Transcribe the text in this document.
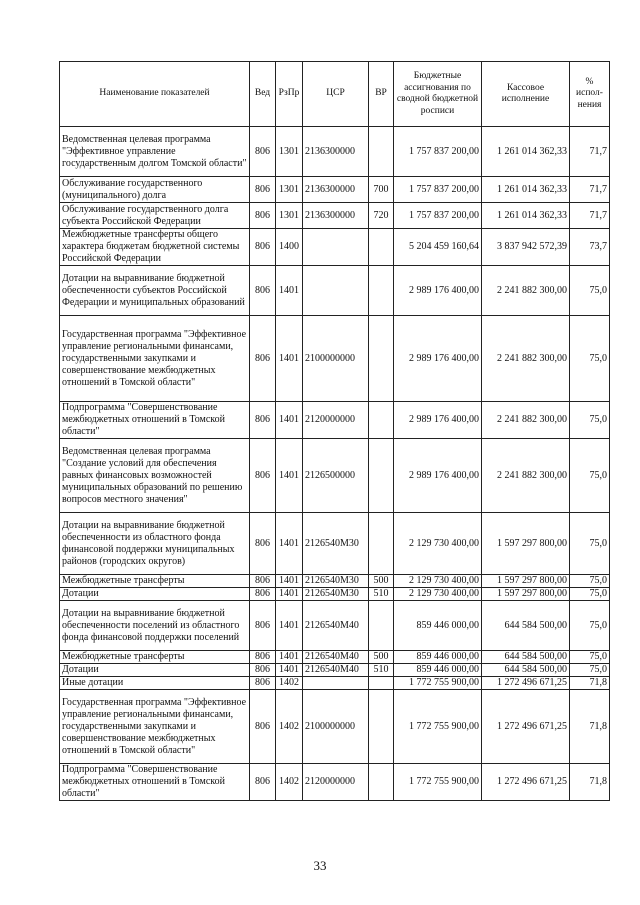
Наименование показателей	Вед	РзПр	ЦСР	ВР	Бюджетные ассигнования по сводной бюджетной росписи	Кассовое исполнение	% испол-нения
Ведомственная целевая программа "Эффективное управление государственным долгом Томской области"	806	1301	2136300000		1 757 837 200,00	1 261 014 362,33	71,7
Обслуживание государственного (муниципального) долга	806	1301	2136300000	700	1 757 837 200,00	1 261 014 362,33	71,7
Обслуживание государственного долга субъекта Российской Федерации	806	1301	2136300000	720	1 757 837 200,00	1 261 014 362,33	71,7
Межбюджетные трансферты общего характера бюджетам бюджетной системы Российской Федерации	806	1400			5 204 459 160,64	3 837 942 572,39	73,7
Дотации на выравнивание бюджетной обеспеченности субъектов Российской Федерации и муниципальных образований	806	1401			2 989 176 400,00	2 241 882 300,00	75,0
Государственная программа "Эффективное управление региональными финансами, государственными закупками и совершенствование межбюджетных отношений в Томской области"	806	1401	2100000000		2 989 176 400,00	2 241 882 300,00	75,0
Подпрограмма "Совершенствование межбюджетных отношений в Томской области"	806	1401	2120000000		2 989 176 400,00	2 241 882 300,00	75,0
Ведомственная целевая программа "Создание условий для обеспечения равных финансовых возможностей муниципальных образований по решению вопросов местного значения"	806	1401	2126500000		2 989 176 400,00	2 241 882 300,00	75,0
Дотации на выравнивание бюджетной обеспеченности из областного фонда финансовой поддержки муниципальных районов (городских округов)	806	1401	2126540М30		2 129 730 400,00	1 597 297 800,00	75,0
Межбюджетные трансферты	806	1401	2126540М30	500	2 129 730 400,00	1 597 297 800,00	75,0
Дотации	806	1401	2126540М30	510	2 129 730 400,00	1 597 297 800,00	75,0
Дотации на выравнивание бюджетной обеспеченности поселений из областного фонда финансовой поддержки поселений	806	1401	2126540М40		859 446 000,00	644 584 500,00	75,0
Межбюджетные трансферты	806	1401	2126540М40	500	859 446 000,00	644 584 500,00	75,0
Дотации	806	1401	2126540М40	510	859 446 000,00	644 584 500,00	75,0
Иные дотации	806	1402			1 772 755 900,00	1 272 496 671,25	71,8
Государственная программа "Эффективное управление региональными финансами, государственными закупками и совершенствование межбюджетных отношений в Томской области"	806	1402	2100000000		1 772 755 900,00	1 272 496 671,25	71,8
Подпрограмма "Совершенствование межбюджетных отношений в Томской области"	806	1402	2120000000		1 772 755 900,00	1 272 496 671,25	71,8
33
